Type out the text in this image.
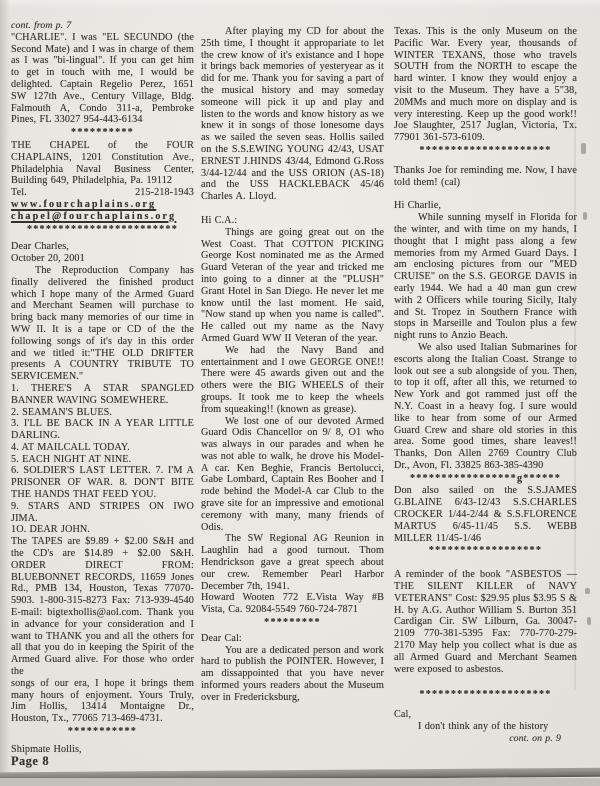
cont. from p. 7
"CHARLIE". I was "EL SECUNDO (the Second Mate) and I was in charge of them as I was "bi-lingual". If you can get him to get in touch with me, I would be delighted. Captain Regelio Perez, 1651 SW 127th Ave., Century Village, Bldg. Falmouth A, Condo 311-a, Pembroke Pines, FL 33027 954-443-6134
**********
THE CHAPEL of the FOUR CHAPLAINS, 1201 Constitution Ave., Philadelphia Naval Business Center, Building 649, Philadelphia, Pa. 19112
Tel.	215-218-1943
www.fourchaplains.org
chapel@fourchaplains.org
************************
Dear Charles,
October 20, 2001
The Reproduction Company has finally delivered the finished product which I hope many of the Armed Guard and Merchant Seamen will purchase to bring back many memories of our time in WW II. It is a tape or CD of the the following songs of it's day in this order and we titled it:"THE OLD DRIFTER presents A COUNTRY TRIBUTE TO SERVICEMEN."
1. THERE'S A STAR SPANGLED BANNER WAVING SOMEWHERE.
2. SEAMAN'S BLUES.
3. I'LL BE BACK IN A YEAR LITTLE DARLING.
4. AT MAILCALL TODAY.
5. EACH NIGHT AT NINE.
6. SOLDIER'S LAST LETTER. 7. I'M A PRISONER OF WAR. 8. DON'T BITE THE HANDS THAT FEED YOU.
9. STARS AND STRIPES ON IWO JIMA.
1O. DEAR JOHN.
The TAPES are $9.89 + $2.00 S&H and the CD's are $14.89 + $2.00 S&H. ORDER DIRECT FROM: BLUEBONNET RECORDS, 11659 Jones Rd., PMB 134, Houston, Texas 77070-5903. 1-800-315-8273 Fax: 713-939-4540 E-mail: bigtexhollis@aol.com. Thank you in advance for your consideration and I want to THANK you and all the others for all that you do in keeping the Spirit of the Armed Guard alive. For those who order the
songs of our era, I hope it brings them many hours of enjoyment. Yours Truly, Jim Hollis, 13414 Montaigne Dr., Houston, Tx., 77065 713-469-4731.
***********
Shipmate Hollis,
Page 8
After playing my CD for about the 25th time, I thought it appropariate to let the crew know of it's existance and I hope it brings back memories of yesteryear as it did for me. Thank you for saving a part of the musical history and may someday someone will pick it up and play and listen to the words and know history as we knew it in songs of those lonesome days as we sailed the seven seas. Hollis sailed on the S.S.EWING YOUNG 42/43, USAT ERNEST J.HINDS 43/44, Edmond G.Ross 3/44-12/44 and the USS ORION (AS-18) and the USS HACKLEBACK 45/46 Charles A. Lloyd.
Hi C.A.:
Things are going great out on the West Coast. That COTTON PICKING George Kost nominated me as the Armed Guard Veteran of the year and tricked me into going to a dinner at the "PLUSH" Grant Hotel in San Diego. He never let me know until the last moment. He said, "Now stand up when you name is called". He called out my name as the Navy Armed Guard WW II Veteran of the year.
We had the Navy Band and entertainment and I owe GEORGE ONE!! There were 45 awards given out and the others were the BIG WHEELS of their groups. It took me to keep the wheels from squeaking!! (known as grease).
We lost one of our devoted Armed Guard Odis Chancellor on 9/ 8, O1 who was always in our parades and when he was not able to walk, he drove his Model-A car. Ken Beghie, Francis Bertolucci, Gabe Lombard, Captain Res Booher and I rode behind the Model-A car Club to the grave site for an impressive and emotional ceremony with many, many friends of Odis.
The SW Regional AG Reunion in Laughlin had a good turnout. Thom Hendrickson gave a great speech about our crew. Remember Pearl Harbor December 7th, 1941.
Howard Wooten 772 E.Vista Way #B Vista, Ca. 92084-5549 760-724-7871
*********
Dear Cal:
You are a dedicated person and work hard to publish the POINTER. However, I am dissappointed that you have never informed yours readers about the Museum over in Fredericksburg,
Texas. This is the only Museum on the Pacific War. Every year, thousands of WINTER TEXANS, those who travels SOUTH from the NORTH to escape the hard winter. I know they would enjoy a visit to the Museum. They have a 5"38, 20MMs and much more on display and is very interesting. Keep up the good work!! Joe Slaughter, 2517 Juglan, Victoria, Tx. 77901 361-573-6109.
*********************
Thanks Joe for reminding me. Now, I have told them! (cal)
Hi Charlie,
While sunning myself in Florida for the winter, and with time on my hands, I thought that I might pass along a few memories from my Armed Guard Days. I am enclosing pictures from our "MED CRUISE" on the S.S. GEORGE DAVIS in early 1944. We had a 40 man gun crew with 2 Officers while touring Sicily, Italy and St. Tropez in Southern France with stops in Marseille and Toulon plus a few night runs to Anzio Beach.
We also used Italian Submarines for escorts along the Italian Coast. Strange to look out see a sub alongside of you. Then, to top it off, after all this, we returned to New York and got rammed just off the N.Y. Coast in a heavy fog. I sure would like to hear from some of our Armed Guard Crew and share old stories in this area. Some good times, share leaves!! Thanks, Don Allen 2769 Country Club Dr., Avon, Fl. 33825 863-385-4390
*****************g******
Don also sailed on the S.S.JAMES G.BLAINE 6/43-12/43 S.S.CHARLES CROCKER 1/44-2/44 & S.S.FLORENCE MARTUS 6/45-11/45 S.S. WEBB MILLER 11/45-1/46
******************
A reminder of the book "ASBESTOS — THE SILENT KILLER of NAVY VETERANS" Cost: $29.95 plus $3.95 S & H. by A.G. Author William S. Burton 351 Cardigan Cir. SW Lilburn, Ga. 30047-2109 770-381-5395 Fax: 770-770-279-2170 May help you collect what is due as all Armed Guard and Merchant Seamen were exposed to asbestos.
*********************
Cal,
I don't think any of the history
cont. on p. 9
